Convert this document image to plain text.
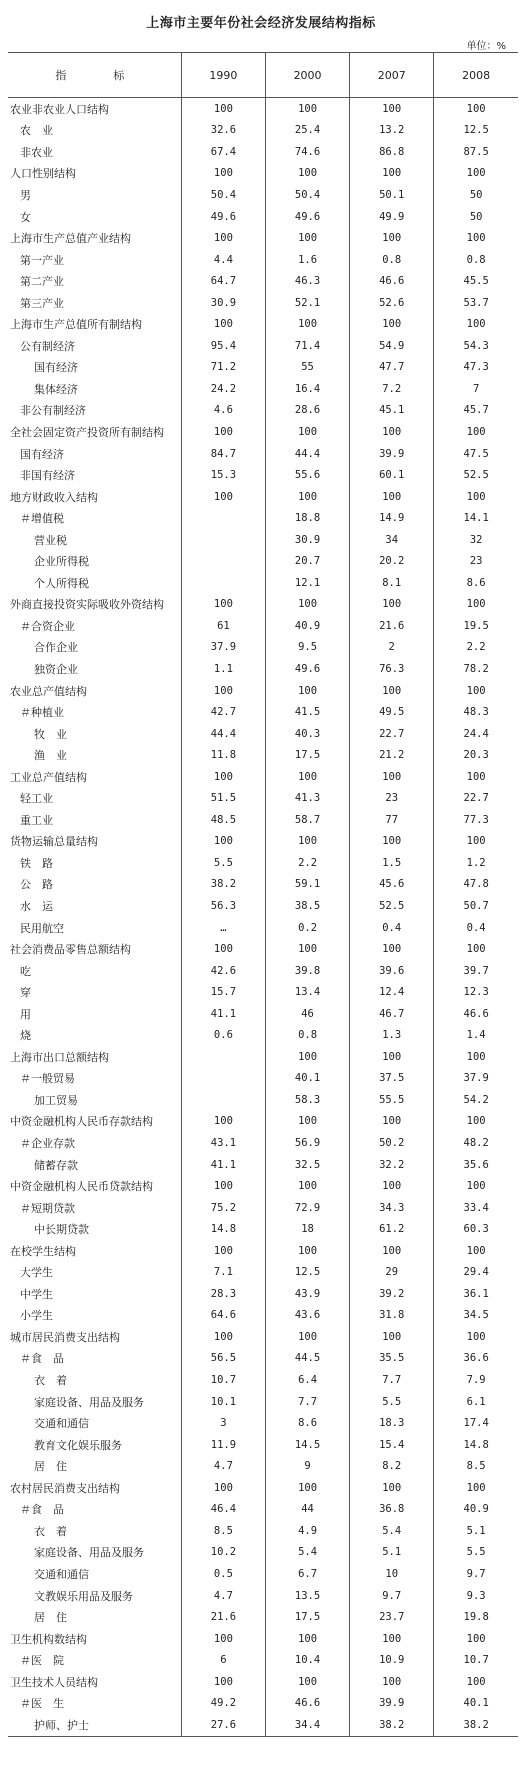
上海市主要年份社会经济发展结构指标
单位：%
指　标	1990	2000	2007	2008
农业非农业人口结构	100	100	100	100
农　业	32.6	25.4	13.2	12.5
非农业	67.4	74.6	86.8	87.5
人口性别结构	100	100	100	100
男	50.4	50.4	50.1	50
女	49.6	49.6	49.9	50
上海市生产总值产业结构	100	100	100	100
第一产业	4.4	1.6	0.8	0.8
第二产业	64.7	46.3	46.6	45.5
第三产业	30.9	52.1	52.6	53.7
上海市生产总值所有制结构	100	100	100	100
公有制经济	95.4	71.4	54.9	54.3
国有经济	71.2	55	47.7	47.3
集体经济	24.2	16.4	7.2	7
非公有制经济	4.6	28.6	45.1	45.7
全社会固定资产投资所有制结构	100	100	100	100
国有经济	84.7	44.4	39.9	47.5
非国有经济	15.3	55.6	60.1	52.5
地方财政收入结构	100	100	100	100
＃增值税		18.8	14.9	14.1
营业税		30.9	34	32
企业所得税		20.7	20.2	23
个人所得税		12.1	8.1	8.6
外商直接投资实际吸收外资结构	100	100	100	100
＃合资企业	61	40.9	21.6	19.5
合作企业	37.9	9.5	2	2.2
独资企业	1.1	49.6	76.3	78.2
农业总产值结构	100	100	100	100
＃种植业	42.7	41.5	49.5	48.3
牧　业	44.4	40.3	22.7	24.4
渔　业	11.8	17.5	21.2	20.3
工业总产值结构	100	100	100	100
轻工业	51.5	41.3	23	22.7
重工业	48.5	58.7	77	77.3
货物运输总量结构	100	100	100	100
铁　路	5.5	2.2	1.5	1.2
公　路	38.2	59.1	45.6	47.8
水　运	56.3	38.5	52.5	50.7
民用航空	…	0.2	0.4	0.4
社会消费品零售总额结构	100	100	100	100
吃	42.6	39.8	39.6	39.7
穿	15.7	13.4	12.4	12.3
用	41.1	46	46.7	46.6
烧	0.6	0.8	1.3	1.4
上海市出口总额结构		100	100	100
＃一般贸易		40.1	37.5	37.9
加工贸易		58.3	55.5	54.2
中资金融机构人民币存款结构	100	100	100	100
＃企业存款	43.1	56.9	50.2	48.2
储蓄存款	41.1	32.5	32.2	35.6
中资金融机构人民币贷款结构	100	100	100	100
＃短期贷款	75.2	72.9	34.3	33.4
中长期贷款	14.8	18	61.2	60.3
在校学生结构	100	100	100	100
大学生	7.1	12.5	29	29.4
中学生	28.3	43.9	39.2	36.1
小学生	64.6	43.6	31.8	34.5
城市居民消费支出结构	100	100	100	100
＃食　品	56.5	44.5	35.5	36.6
衣　着	10.7	6.4	7.7	7.9
家庭设备、用品及服务	10.1	7.7	5.5	6.1
交通和通信	3	8.6	18.3	17.4
教育文化娱乐服务	11.9	14.5	15.4	14.8
居　住	4.7	9	8.2	8.5
农村居民消费支出结构	100	100	100	100
＃食　品	46.4	44	36.8	40.9
衣　着	8.5	4.9	5.4	5.1
家庭设备、用品及服务	10.2	5.4	5.1	5.5
交通和通信	0.5	6.7	10	9.7
文教娱乐用品及服务	4.7	13.5	9.7	9.3
居　住	21.6	17.5	23.7	19.8
卫生机构数结构	100	100	100	100
＃医　院	6	10.4	10.9	10.7
卫生技术人员结构	100	100	100	100
＃医　生	49.2	46.6	39.9	40.1
护师、护士	27.6	34.4	38.2	38.2
